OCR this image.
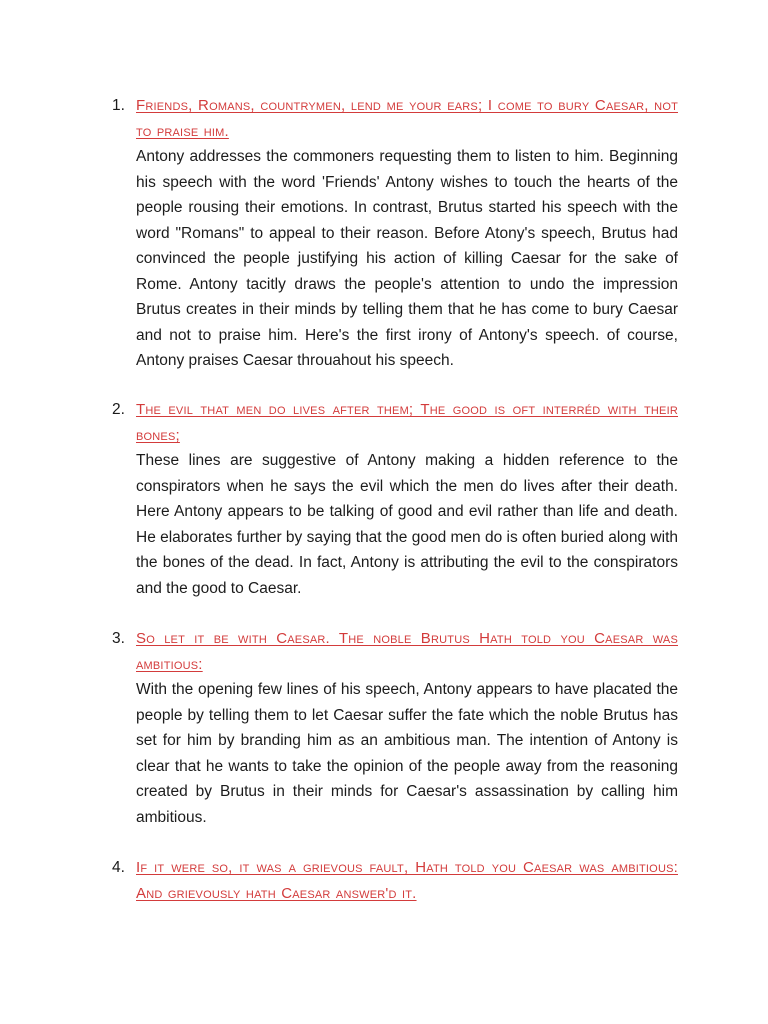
1. Friends, Romans, countrymen, lend me your ears; I come to bury Caesar, not to praise him.

Antony addresses the commoners requesting them to listen to him. Beginning his speech with the word 'Friends' Antony wishes to touch the hearts of the people rousing their emotions. In contrast, Brutus started his speech with the word "Romans" to appeal to their reason. Before Atony's speech, Brutus had convinced the people justifying his action of killing Caesar for the sake of Rome. Antony tacitly draws the people's attention to undo the impression Brutus creates in their minds by telling them that he has come to bury Caesar and not to praise him. Here's the first irony of Antony's speech. of course, Antony praises Caesar throuahout his speech.

2. The evil that men do lives after them; The good is oft interréd with their bones;

These lines are suggestive of Antony making a hidden reference to the conspirators when he says the evil which the men do lives after their death. Here Antony appears to be talking of good and evil rather than life and death. He elaborates further by saying that the good men do is often buried along with the bones of the dead. In fact, Antony is attributing the evil to the conspirators and the good to Caesar.

3. So let it be with Caesar. The noble Brutus Hath told you Caesar was ambitious:

With the opening few lines of his speech, Antony appears to have placated the people by telling them to let Caesar suffer the fate which the noble Brutus has set for him by branding him as an ambitious man. The intention of Antony is clear that he wants to take the opinion of the people away from the reasoning created by Brutus in their minds for Caesar's assassination by calling him ambitious.

4. If it were so, it was a grievous fault, Hath told you Caesar was ambitious: And grievously hath Caesar answer'd it.
